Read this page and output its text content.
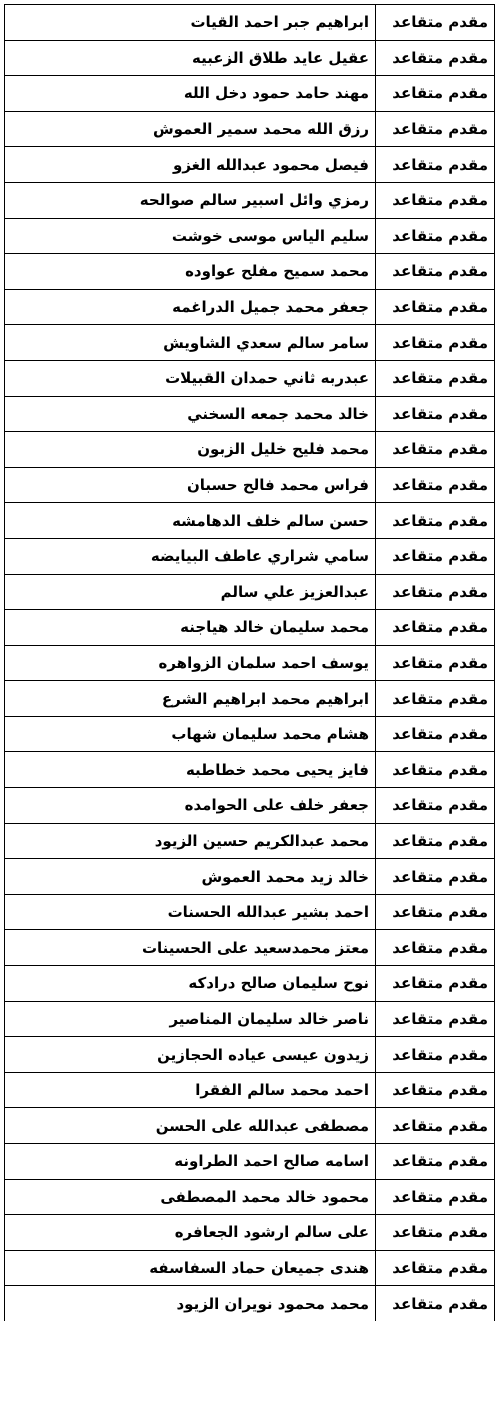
مقدم متقاعد	ابراهيم جبر احمد القيات
مقدم متقاعد	عقيل عايد طلاق الزعبيه
مقدم متقاعد	مهند حامد حمود دخل الله
مقدم متقاعد	رزق الله محمد سمير العموش
مقدم متقاعد	فيصل محمود عبدالله الغزو
مقدم متقاعد	رمزي وائل اسبير سالم صوالحه
مقدم متقاعد	سليم الياس موسى خوشت
مقدم متقاعد	محمد سميح مفلح عواوده
مقدم متقاعد	جعفر محمد جميل الدراغمه
مقدم متقاعد	سامر سالم سعدي الشاويش
مقدم متقاعد	عبدربه ثاني حمدان القبيلات
مقدم متقاعد	خالد محمد جمعه السخني
مقدم متقاعد	محمد فليح خليل الزبون
مقدم متقاعد	فراس محمد فالح حسبان
مقدم متقاعد	حسن سالم خلف الدهامشه
مقدم متقاعد	سامي شراري عاطف البيايضه
مقدم متقاعد	عبدالعزيز علي سالم
مقدم متقاعد	محمد سليمان خالد هياجنه
مقدم متقاعد	يوسف احمد سلمان الزواهره
مقدم متقاعد	ابراهيم محمد ابراهيم الشرع
مقدم متقاعد	هشام محمد سليمان شهاب
مقدم متقاعد	فايز يحيى محمد خطاطبه
مقدم متقاعد	جعفر خلف على الحوامده
مقدم متقاعد	محمد عبدالكريم حسين الزيود
مقدم متقاعد	خالد زيد محمد العموش
مقدم متقاعد	احمد بشير عبدالله الحسنات
مقدم متقاعد	معتز محمدسعيد على الحسينات
مقدم متقاعد	نوح سليمان صالح درادكه
مقدم متقاعد	ناصر خالد سليمان المناصير
مقدم متقاعد	زيدون عيسى عياده الحجازين
مقدم متقاعد	احمد محمد سالم الفقرا
مقدم متقاعد	مصطفى عبدالله على الحسن
مقدم متقاعد	اسامه صالح احمد الطراونه
مقدم متقاعد	محمود خالد محمد المصطفى
مقدم متقاعد	على سالم ارشود الجعافره
مقدم متقاعد	هندى جميعان حماد السفاسفه
مقدم متقاعد	محمد محمود نويران الزيود
